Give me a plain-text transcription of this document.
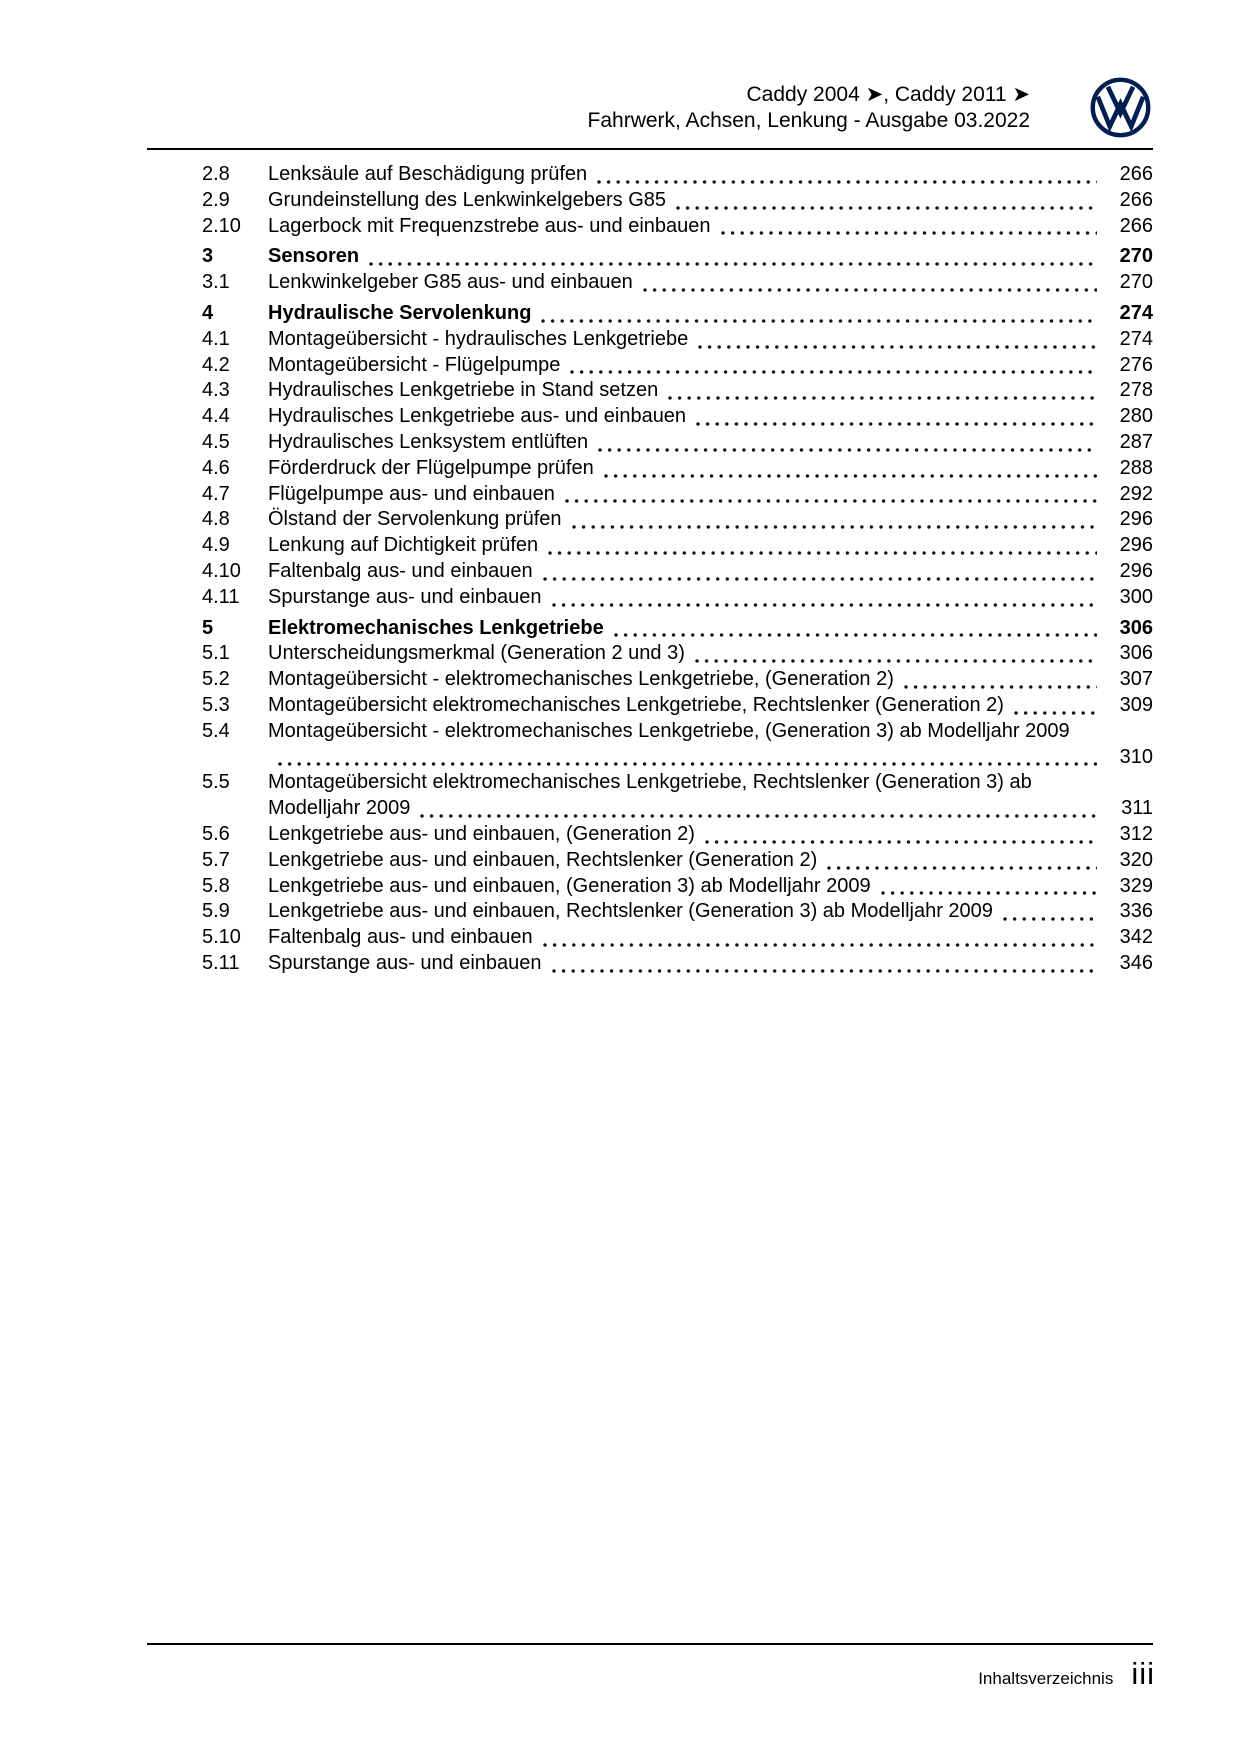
Caddy 2004 ➤, Caddy 2011 ➤
Fahrwerk, Achsen, Lenkung - Ausgabe 03.2022
2.8	Lenksäule auf Beschädigung prüfen	266
2.9	Grundeinstellung des Lenkwinkelgebers G85	266
2.10	Lagerbock mit Frequenzstrebe aus- und einbauen	266
3	Sensoren	270
3.1	Lenkwinkelgeber G85 aus- und einbauen	270
4	Hydraulische Servolenkung	274
4.1	Montageübersicht - hydraulisches Lenkgetriebe	274
4.2	Montageübersicht - Flügelpumpe	276
4.3	Hydraulisches Lenkgetriebe in Stand setzen	278
4.4	Hydraulisches Lenkgetriebe aus- und einbauen	280
4.5	Hydraulisches Lenksystem entlüften	287
4.6	Förderdruck der Flügelpumpe prüfen	288
4.7	Flügelpumpe aus- und einbauen	292
4.8	Ölstand der Servolenkung prüfen	296
4.9	Lenkung auf Dichtigkeit prüfen	296
4.10	Faltenbalg aus- und einbauen	296
4.11	Spurstange aus- und einbauen	300
5	Elektromechanisches Lenkgetriebe	306
5.1	Unterscheidungsmerkmal (Generation 2 und 3)	306
5.2	Montageübersicht - elektromechanisches Lenkgetriebe, (Generation 2)	307
5.3	Montageübersicht elektromechanisches Lenkgetriebe, Rechtslenker (Generation 2)	309
5.4	Montageübersicht - elektromechanisches Lenkgetriebe, (Generation 3) ab Modelljahr 2009
310
5.5	Montageübersicht elektromechanisches Lenkgetriebe, Rechtslenker (Generation 3) ab
Modelljahr 2009	311
5.6	Lenkgetriebe aus- und einbauen, (Generation 2)	312
5.7	Lenkgetriebe aus- und einbauen, Rechtslenker (Generation 2)	320
5.8	Lenkgetriebe aus- und einbauen, (Generation 3) ab Modelljahr 2009	329
5.9	Lenkgetriebe aus- und einbauen, Rechtslenker (Generation 3) ab Modelljahr 2009	336
5.10	Faltenbalg aus- und einbauen	342
5.11	Spurstange aus- und einbauen	346
Inhaltsverzeichnis iii
